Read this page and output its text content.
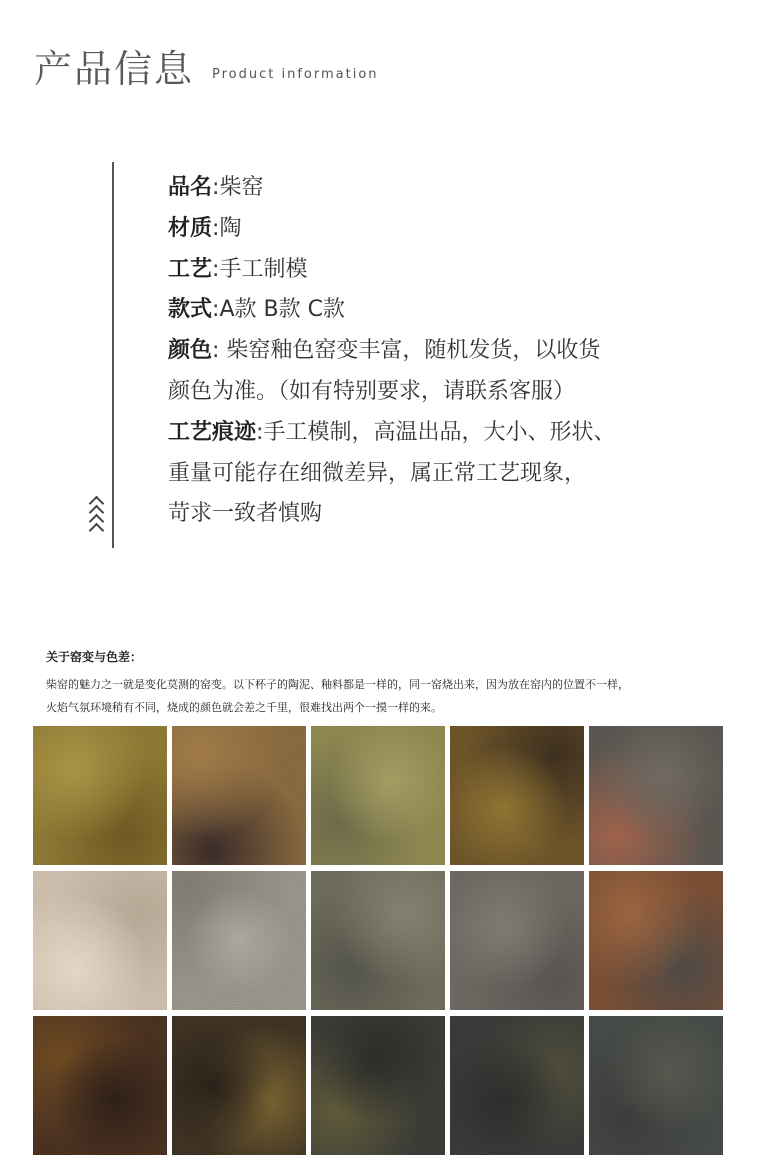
产品信息 Product information
品名:柴窑
材质:陶
工艺:手工制模
款式:A款 B款 C款
颜色: 柴窑釉色窑变丰富，随机发货，以收货
颜色为准。（如有特别要求，请联系客服）
工艺痕迹:手工模制，高温出品，大小、形状、
重量可能存在细微差异，属正常工艺现象，
苛求一致者慎购
关于窑变与色差：
柴窑的魅力之一就是变化莫测的窑变。以下杯子的陶泥、釉料都是一样的，同一窑烧出来，因为放在窑内的位置不一样，
火焰气氛环境稍有不同，烧成的颜色就会差之千里，很难找出两个一摸一样的来。
